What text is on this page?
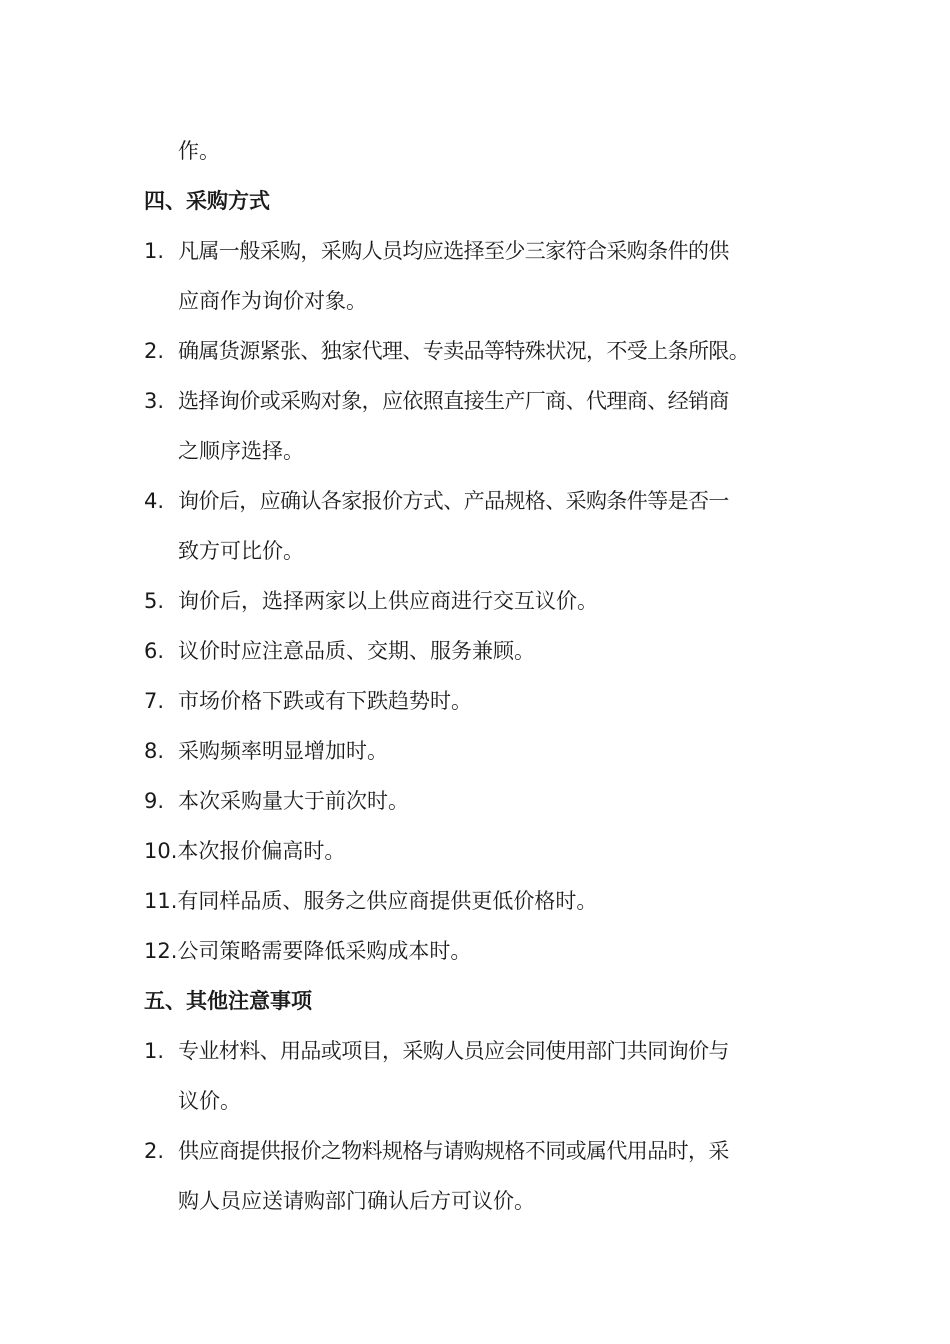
作。
四、采购方式
1. 凡属一般采购，采购人员均应选择至少三家符合采购条件的供
应商作为询价对象。
2. 确属货源紧张、独家代理、专卖品等特殊状况，不受上条所限。
3. 选择询价或采购对象，应依照直接生产厂商、代理商、经销商
之顺序选择。
4. 询价后，应确认各家报价方式、产品规格、采购条件等是否一
致方可比价。
5. 询价后，选择两家以上供应商进行交互议价。
6. 议价时应注意品质、交期、服务兼顾。
7. 市场价格下跌或有下跌趋势时。
8. 采购频率明显增加时。
9. 本次采购量大于前次时。
10.本次报价偏高时。
11.有同样品质、服务之供应商提供更低价格时。
12.公司策略需要降低采购成本时。
五、其他注意事项
1. 专业材料、用品或项目，采购人员应会同使用部门共同询价与
议价。
2. 供应商提供报价之物料规格与请购规格不同或属代用品时，采
购人员应送请购部门确认后方可议价。
